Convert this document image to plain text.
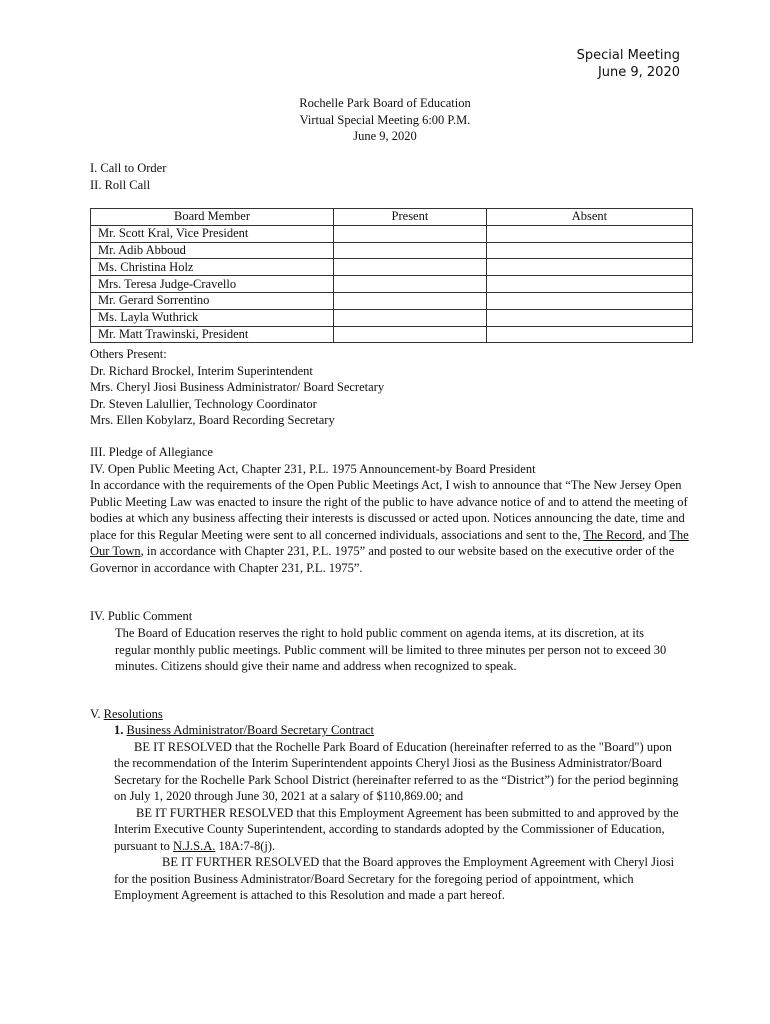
Special Meeting
June 9, 2020
Rochelle Park Board of Education
Virtual Special Meeting 6:00 P.M.
June 9, 2020
I. Call to Order
II. Roll Call
Board Member	Present	Absent
Mr. Scott Kral, Vice President		
Mr. Adib Abboud		
Ms. Christina Holz		
Mrs. Teresa Judge-Cravello		
Mr. Gerard Sorrentino		
Ms. Layla Wuthrick		
Mr. Matt Trawinski, President		
Others Present:
Dr. Richard Brockel, Interim Superintendent
Mrs. Cheryl Jiosi Business Administrator/ Board Secretary
Dr. Steven Lalullier, Technology Coordinator
Mrs. Ellen Kobylarz, Board Recording Secretary
III. Pledge of Allegiance
IV. Open Public Meeting Act, Chapter 231, P.L. 1975 Announcement-by Board President

In accordance with the requirements of the Open Public Meetings Act, I wish to announce that “The New Jersey Open Public Meeting Law was enacted to insure the right of the public to have advance notice of and to attend the meeting of bodies at which any business affecting their interests is discussed or acted upon. Notices announcing the date, time and place for this Regular Meeting were sent to all concerned individuals, associations and sent to the, The Record, and The Our Town, in accordance with Chapter 231, P.L. 1975” and posted to our website based on the executive order of the Governor in accordance with Chapter 231, P.L. 1975”.

IV. Public Comment
The Board of Education reserves the right to hold public comment on agenda items, at its discretion, at its regular monthly public meetings. Public comment will be limited to three minutes per person not to exceed 30 minutes. Citizens should give their name and address when recognized to speak.
V. Resolutions
1. Business Administrator/Board Secretary Contract

BE IT RESOLVED that the Rochelle Park Board of Education (hereinafter referred to as the "Board") upon the recommendation of the Interim Superintendent appoints Cheryl Jiosi as the Business Administrator/Board Secretary for the Rochelle Park School District (hereinafter referred to as the “District”) for the period beginning on July 1, 2020 through June 30, 2021 at a salary of $110,869.00; and

BE IT FURTHER RESOLVED that this Employment Agreement has been submitted to and approved by the Interim Executive County Superintendent, according to standards adopted by the Commissioner of Education, pursuant to N.J.S.A. 18A:7-8(j).

BE IT FURTHER RESOLVED that the Board approves the Employment Agreement with Cheryl Jiosi for the position Business Administrator/Board Secretary for the foregoing period of appointment, which Employment Agreement is attached to this Resolution and made a part hereof.
